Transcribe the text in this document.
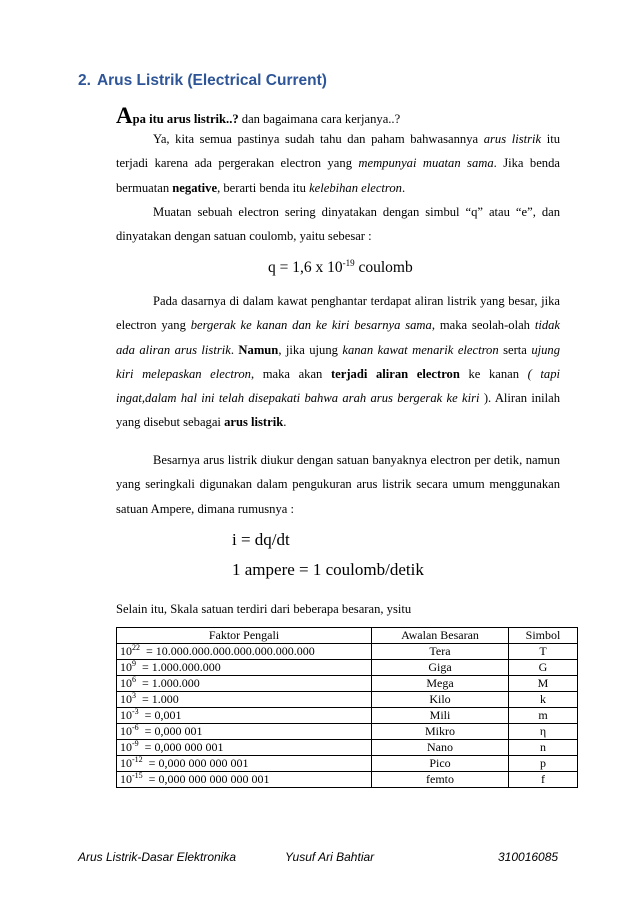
2. Arus Listrik (Electrical Current)

Apa itu arus listrik..? dan bagaimana cara kerjanya..?

Ya, kita semua pastinya sudah tahu dan paham bahwasannya arus listrik itu terjadi karena ada pergerakan electron yang mempunyai muatan sama. Jika benda bermuatan negative, berarti benda itu kelebihan electron.

Muatan sebuah electron sering dinyatakan dengan simbul “q” atau “e”, dan dinyatakan dengan satuan coulomb, yaitu sebesar :

q = 1,6 x $10^{-19}$ coulomb

Pada dasarnya di dalam kawat penghantar terdapat aliran listrik yang besar, jika electron yang bergerak ke kanan dan ke kiri besarnya sama, maka seolah-olah tidak ada aliran arus listrik. Namun, jika ujung kanan kawat menarik electron serta ujung kiri melepaskan electron, maka akan terjadi aliran electron ke kanan ( tapi ingat,dalam hal ini telah disepakati bahwa arah arus bergerak ke kiri ). Aliran inilah yang disebut sebagai arus listrik.

Besarnya arus listrik diukur dengan satuan banyaknya electron per detik, namun yang seringkali digunakan dalam pengukuran arus listrik secara umum menggunakan satuan Ampere, dimana rumusnya :

i = dq/dt

1 ampere = 1 coulomb/detik

Selain itu, Skala satuan terdiri dari beberapa besaran, ysitu

Faktor Pengali	Awalan Besaran	Simbol
$10^{22} = 10.000.000.000.000.000.000.000$	Tera	T
$10^9 = 1.000.000.000$	Giga	G
$10^6 = 1.000.000$	Mega	M
$10^3 = 1.000$	Kilo	k
$10^{-3} = 0,001$	Mili	m
$10^{-6} = 0,000$ 001	Mikro	η
$10^{-9} = 0,000$ 000 001	Nano	n
$10^{-12} = 0,000$ 000 000 001	Pico	p
$10^{-15} = 0,000$ 000 000 000 001	femto	f

Arus Listrik-Dasar Elektronika	Yusuf Ari Bahtiar	310016085
